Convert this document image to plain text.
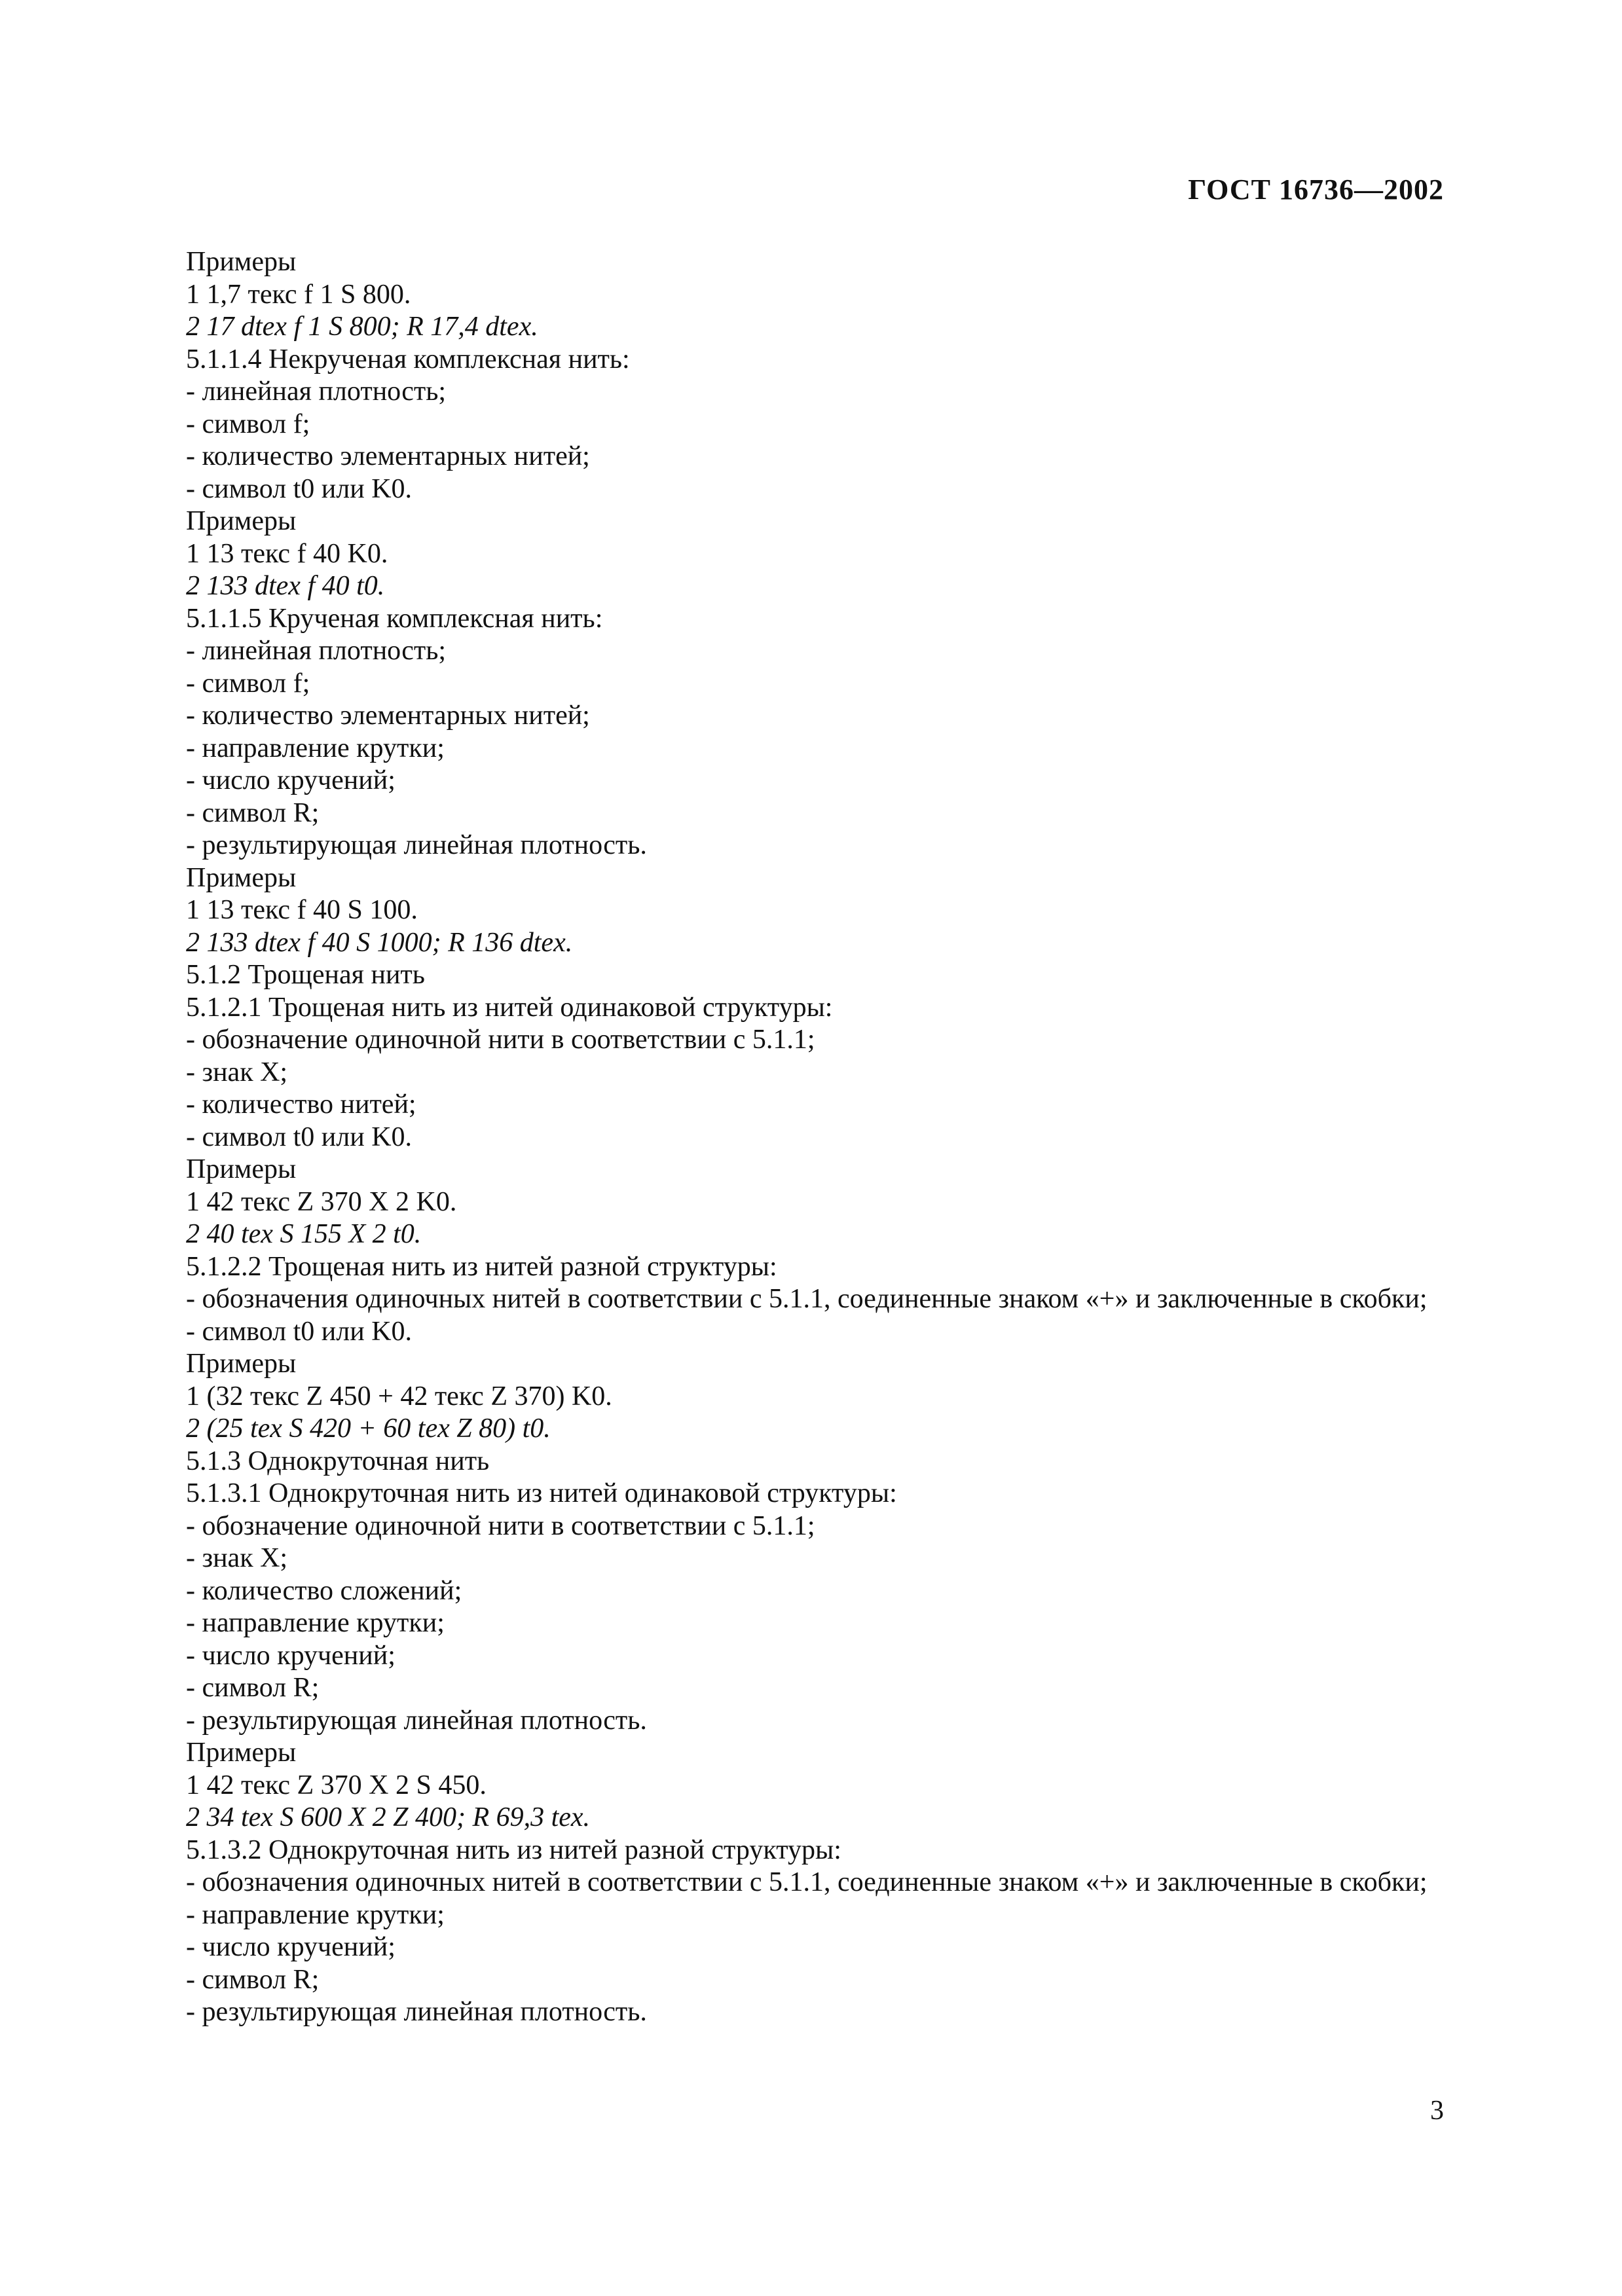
ГОСТ 16736—2002
Примеры
1 1,7 текс f 1 S 800.
2 17 dtex f 1 S 800; R 17,4 dtex.
5.1.1.4 Некрученая комплексная нить:
- линейная плотность;
- символ f;
- количество элементарных нитей;
- символ t0 или K0.
Примеры
1 13 текс f 40 K0.
2 133 dtex f 40 t0.
5.1.1.5 Крученая комплексная нить:
- линейная плотность;
- символ f;
- количество элементарных нитей;
- направление крутки;
- число кручений;
- символ R;
- результирующая линейная плотность.
Примеры
1 13 текс f 40 S 100.
2 133 dtex f 40 S 1000; R 136 dtex.
5.1.2 Трощеная нить
5.1.2.1 Трощеная нить из нитей одинаковой структуры:
- обозначение одиночной нити в соответствии с 5.1.1;
- знак X;
- количество нитей;
- символ t0 или K0.
Примеры
1 42 текс Z 370 X 2 K0.
2 40 tex S 155 X 2 t0.
5.1.2.2 Трощеная нить из нитей разной структуры:
- обозначения одиночных нитей в соответствии с 5.1.1, соединенные знаком «+» и заключенные в скобки;
- символ t0 или K0.
Примеры
1 (32 текс Z 450 + 42 текс Z 370) K0.
2 (25 tex S 420 + 60 tex Z 80) t0.
5.1.3 Однокруточная нить
5.1.3.1 Однокруточная нить из нитей одинаковой структуры:
- обозначение одиночной нити в соответствии с 5.1.1;
- знак X;
- количество сложений;
- направление крутки;
- число кручений;
- символ R;
- результирующая линейная плотность.
Примеры
1 42 текс Z 370 X 2 S 450.
2 34 tex S 600 X 2 Z 400; R 69,3 tex.
5.1.3.2 Однокруточная нить из нитей разной структуры:
- обозначения одиночных нитей в соответствии с 5.1.1, соединенные знаком «+» и заключенные в скобки;
- направление крутки;
- число кручений;
- символ R;
- результирующая линейная плотность.
3
